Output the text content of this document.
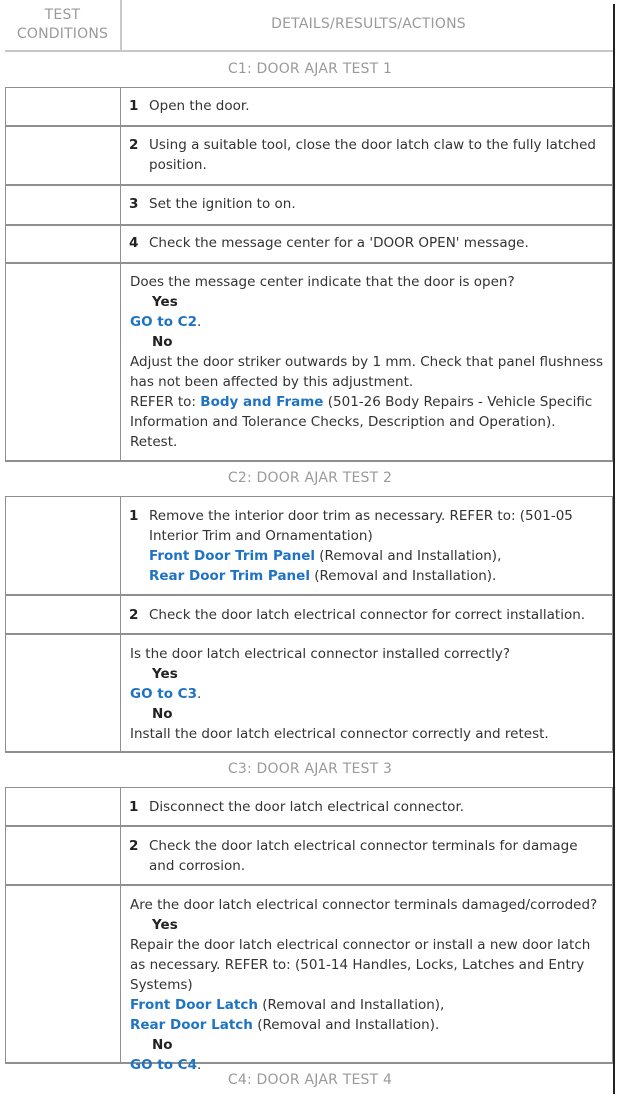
TEST
CONDITIONS
DETAILS/RESULTS/ACTIONS
C1: DOOR AJAR TEST 1
1 Open the door.
2 Using a suitable tool, close the door latch claw to the fully latched position.
3 Set the ignition to on.
4 Check the message center for a 'DOOR OPEN' message.
Does the message center indicate that the door is open?
Yes
GO to C2.
No
Adjust the door striker outwards by 1 mm. Check that panel flushness has not been affected by this adjustment.
REFER to: Body and Frame (501-26 Body Repairs - Vehicle Specific Information and Tolerance Checks, Description and Operation).
Retest.
C2: DOOR AJAR TEST 2
1 Remove the interior door trim as necessary. REFER to: (501-05 Interior Trim and Ornamentation)
Front Door Trim Panel (Removal and Installation),
Rear Door Trim Panel (Removal and Installation).
2 Check the door latch electrical connector for correct installation.
Is the door latch electrical connector installed correctly?
Yes
GO to C3.
No
Install the door latch electrical connector correctly and retest.
C3: DOOR AJAR TEST 3
1 Disconnect the door latch electrical connector.
2 Check the door latch electrical connector terminals for damage and corrosion.
Are the door latch electrical connector terminals damaged/corroded?
Yes
Repair the door latch electrical connector or install a new door latch as necessary. REFER to: (501-14 Handles, Locks, Latches and Entry Systems)
Front Door Latch (Removal and Installation),
Rear Door Latch (Removal and Installation).
No
GO to C4.
C4: DOOR AJAR TEST 4
